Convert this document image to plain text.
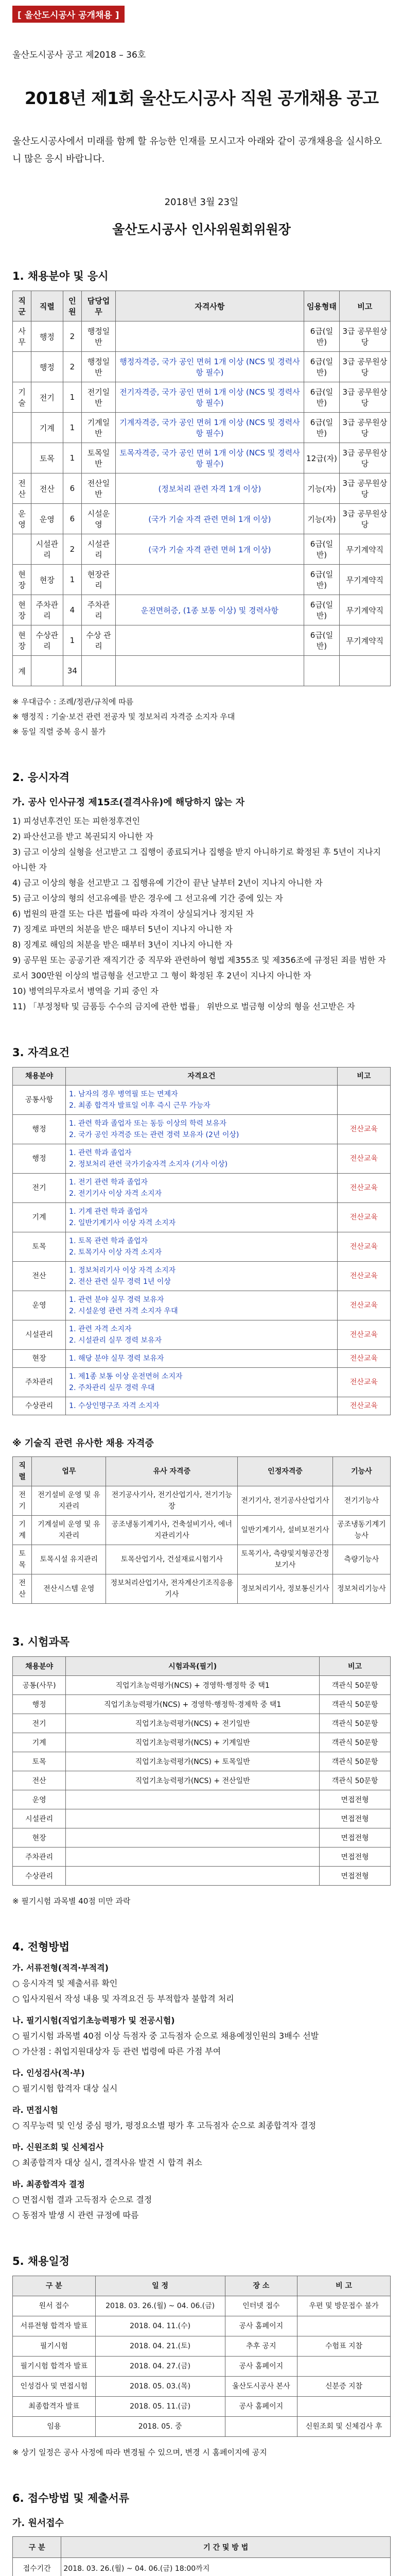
[ 울산도시공사 공개채용 ]
울산도시공사 공고 제2018 – 36호
2018년 제1회 울산도시공사 직원 공개채용 공고
울산도시공사에서 미래를 함께 할 유능한 인재를 모시고자 아래와 같이 공개채용을 실시하오니 많은 응시 바랍니다.
2018년 3월 23일
울산도시공사 인사위원회위원장
1. 채용분야 및 응시
직군	직렬	인원	담당업무	자격사항	임용형태	비고
사무	행정	2	행정일반		6급(일반)	3급 공무원상당
	행정	2	행정일반	행정자격증, 국가 공인 면허 1개 이상 (NCS 및 경력사항 필수)	6급(일반)	3급 공무원상당
기술	전기	1	전기일반	전기자격증, 국가 공인 면허 1개 이상 (NCS 및 경력사항 필수)	6급(일반)	3급 공무원상당
	기계	1	기계일반	기계자격증, 국가 공인 면허 1개 이상 (NCS 및 경력사항 필수)	6급(일반)	3급 공무원상당
	토목	1	토목일반	토목자격증, 국가 공인 면허 1개 이상 (NCS 및 경력사항 필수)	12급(자)	3급 공무원상당
전산	전산	6	전산일반	(정보처리 관련 자격 1개 이상)	기능(자)	3급 공무원상당
운영	운영	6	시설운영	(국가 기술 자격 관련 면허 1개 이상)	기능(자)	3급 공무원상당
	시설관리	2	시설관리	(국가 기술 자격 관련 면허 1개 이상)	6급(일반)	무기계약직
현장	현장	1	현장관리		6급(일반)	무기계약직
현장	주차관리	4	주차관리	운전면허증, (1종 보통 이상) 및 경력사항	6급(일반)	무기계약직
현장	수상관리	1	수상 관리		6급(일반)	무기계약직
계		34				
※ 우대급수 : 조례/정관/규칙에 따름
※ 행정직 : 기술·보건 관련 전공자 및 정보처리 자격증 소지자 우대
※ 동일 직렬 중복 응시 불가
2. 응시자격
가. 공사 인사규정 제15조(결격사유)에 해당하지 않는 자
1) 피성년후견인 또는 피한정후견인
2) 파산선고를 받고 복권되지 아니한 자
3) 금고 이상의 실형을 선고받고 그 집행이 종료되거나 집행을 받지 아니하기로 확정된 후 5년이 지나지 아니한 자
4) 금고 이상의 형을 선고받고 그 집행유예 기간이 끝난 날부터 2년이 지나지 아니한 자
5) 금고 이상의 형의 선고유예를 받은 경우에 그 선고유예 기간 중에 있는 자
6) 법원의 판결 또는 다른 법률에 따라 자격이 상실되거나 정지된 자
7) 징계로 파면의 처분을 받은 때부터 5년이 지나지 아니한 자
8) 징계로 해임의 처분을 받은 때부터 3년이 지나지 아니한 자
9) 공무원 또는 공공기관 재직기간 중 직무와 관련하여 형법 제355조 및 제356조에 규정된 죄를 범한 자로서 300만원 이상의 벌금형을 선고받고 그 형이 확정된 후 2년이 지나지 아니한 자
10) 병역의무자로서 병역을 기피 중인 자
11) 「부정청탁 및 금품등 수수의 금지에 관한 법률」 위반으로 벌금형 이상의 형을 선고받은 자
3. 자격요건
채용분야	자격요건	비고
공통사항	1. 남자의 경우 병역필 또는 면제자
2. 최종 합격자 발표일 이후 즉시 근무 가능자	
행정	1. 관련 학과 졸업자 또는 동등 이상의 학력 보유자
2. 국가 공인 자격증 또는 관련 경력 보유자 (2년 이상)	전산교육
행정	1. 관련 학과 졸업자
2. 정보처리 관련 국가기술자격 소지자 (기사 이상)	전산교육
전기	1. 전기 관련 학과 졸업자
2. 전기기사 이상 자격 소지자	전산교육
기계	1. 기계 관련 학과 졸업자
2. 일반기계기사 이상 자격 소지자	전산교육
토목	1. 토목 관련 학과 졸업자
2. 토목기사 이상 자격 소지자	전산교육
전산	1. 정보처리기사 이상 자격 소지자
2. 전산 관련 실무 경력 1년 이상	전산교육
운영	1. 관련 분야 실무 경력 보유자
2. 시설운영 관련 자격 소지자 우대	전산교육
시설관리	1. 관련 자격 소지자
2. 시설관리 실무 경력 보유자	전산교육
현장	1. 해당 분야 실무 경력 보유자	전산교육
주차관리	1. 제1종 보통 이상 운전면허 소지자
2. 주차관리 실무 경력 우대	전산교육
수상관리	1. 수상인명구조 자격 소지자	전산교육
※ 기술직 관련 유사한 채용 자격증
직렬	업무	유사 자격증	인정자격증	기능사
전기	전기설비 운영 및 유지관리	전기공사기사, 전기산업기사, 전기기능장	전기기사, 전기공사산업기사	전기기능사
기계	기계설비 운영 및 유지관리	공조냉동기계기사, 건축설비기사, 에너지관리기사	일반기계기사, 설비보전기사	공조냉동기계기능사
토목	토목시설 유지관리	토목산업기사, 건설재료시험기사	토목기사, 측량및지형공간정보기사	측량기능사
전산	전산시스템 운영	정보처리산업기사, 전자계산기조직응용기사	정보처리기사, 정보통신기사	정보처리기능사
3. 시험과목
채용분야	시험과목(필기)	비고
공통(사무)	직업기초능력평가(NCS) + 경영학·행정학 중 택1	객관식 50문항
행정	직업기초능력평가(NCS) + 경영학·행정학·경제학 중 택1	객관식 50문항
전기	직업기초능력평가(NCS) + 전기일반	객관식 50문항
기계	직업기초능력평가(NCS) + 기계일반	객관식 50문항
토목	직업기초능력평가(NCS) + 토목일반	객관식 50문항
전산	직업기초능력평가(NCS) + 전산일반	객관식 50문항
운영		면접전형
시설관리		면접전형
현장		면접전형
주차관리		면접전형
수상관리		면접전형
※ 필기시험 과목별 40점 미만 과락
4. 전형방법
가. 서류전형(적격·부적격)
○ 응시자격 및 제출서류 확인
○ 입사지원서 작성 내용 및 자격요건 등 부적합자 불합격 처리
나. 필기시험(직업기초능력평가 및 전공시험)
○ 필기시험 과목별 40점 이상 득점자 중 고득점자 순으로 채용예정인원의 3배수 선발
○ 가산점 : 취업지원대상자 등 관련 법령에 따른 가점 부여
다. 인성검사(적·부)
○ 필기시험 합격자 대상 실시
라. 면접시험
○ 직무능력 및 인성 중심 평가, 평정요소별 평가 후 고득점자 순으로 최종합격자 결정
마. 신원조회 및 신체검사
○ 최종합격자 대상 실시, 결격사유 발견 시 합격 취소
바. 최종합격자 결정
○ 면접시험 결과 고득점자 순으로 결정
○ 동점자 발생 시 관련 규정에 따름
5. 채용일정
구 분	일 정	장 소	비 고
원서 접수	2018. 03. 26.(월) ~ 04. 06.(금)	인터넷 접수	우편 및 방문접수 불가
서류전형 합격자 발표	2018. 04. 11.(수)	공사 홈페이지	
필기시험	2018. 04. 21.(토)	추후 공지	수험표 지참
필기시험 합격자 발표	2018. 04. 27.(금)	공사 홈페이지	
인성검사 및 면접시험	2018. 05. 03.(목)	울산도시공사 본사	신분증 지참
최종합격자 발표	2018. 05. 11.(금)	공사 홈페이지	
임용	2018. 05. 중		신원조회 및 신체검사 후
※ 상기 일정은 공사 사정에 따라 변경될 수 있으며, 변경 시 홈페이지에 공지
6. 접수방법 및 제출서류
가. 원서접수
구 분	기 간 및 방 법
접수기간	2018. 03. 26.(월) ~ 04. 06.(금) 18:00까지
